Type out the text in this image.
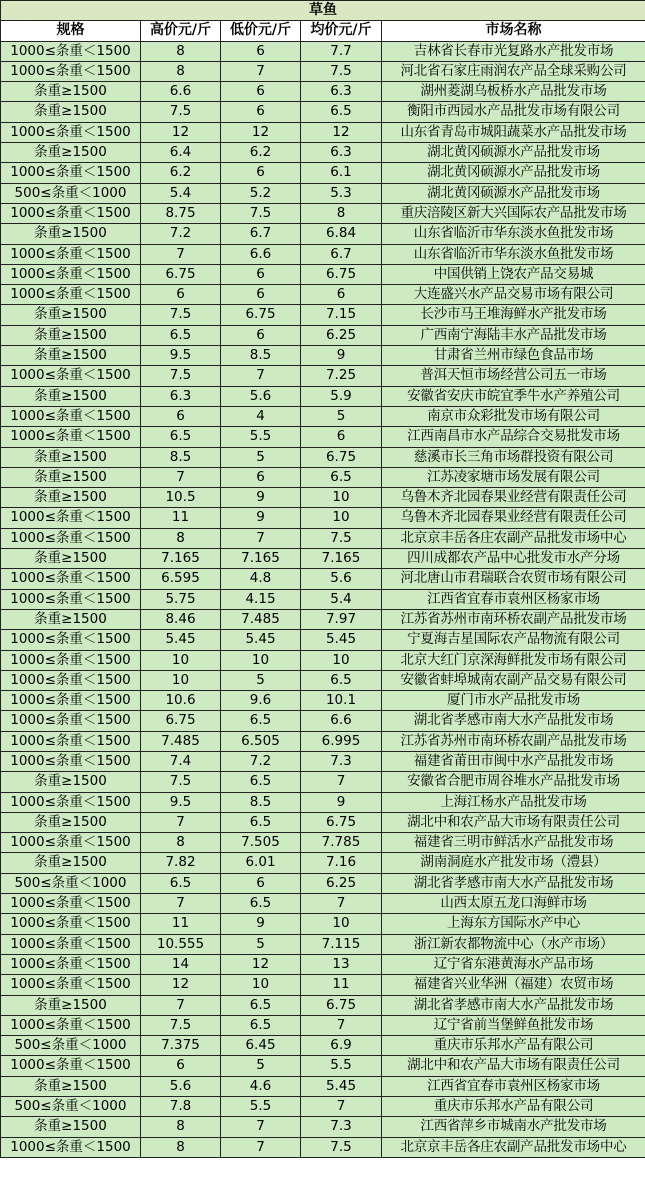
草鱼				
规格	高价元/斤	低价元/斤	均价元/斤	市场名称
1000≤条重＜1500	8	6	7.7	吉林省长春市光复路水产批发市场
1000≤条重＜1500	8	7	7.5	河北省石家庄雨润农产品全球采购公司
条重≥1500	6.6	6	6.3	湖州菱湖乌板桥水产品批发市场
条重≥1500	7.5	6	6.5	衡阳市西园水产品批发市场有限公司
1000≤条重＜1500	12	12	12	山东省青岛市城阳蔬菜水产品批发市场
条重≥1500	6.4	6.2	6.3	湖北黄冈硕源水产品批发市场
1000≤条重＜1500	6.2	6	6.1	湖北黄冈硕源水产品批发市场
500≤条重＜1000	5.4	5.2	5.3	湖北黄冈硕源水产品批发市场
1000≤条重＜1500	8.75	7.5	8	重庆涪陵区新大兴国际农产品批发市场
条重≥1500	7.2	6.7	6.84	山东省临沂市华东淡水鱼批发市场
1000≤条重＜1500	7	6.6	6.7	山东省临沂市华东淡水鱼批发市场
1000≤条重＜1500	6.75	6	6.75	中国供销上饶农产品交易城
1000≤条重＜1500	6	6	6	大连盛兴水产品交易市场有限公司
条重≥1500	7.5	6.75	7.15	长沙市马王堆海鲜水产批发市场
条重≥1500	6.5	6	6.25	广西南宁海陆丰水产品批发市场
条重≥1500	9.5	8.5	9	甘肃省兰州市绿色食品市场
1000≤条重＜1500	7.5	7	7.25	普洱天恒市场经营公司五一市场
条重≥1500	6.3	5.6	5.9	安徽省安庆市皖宜季牛水产养殖公司
1000≤条重＜1500	6	4	5	南京市众彩批发市场有限公司
1000≤条重＜1500	6.5	5.5	6	江西南昌市水产品综合交易批发市场
条重≥1500	8.5	5	6.75	慈溪市长三角市场群投资有限公司
条重≥1500	7	6	6.5	江苏凌家塘市场发展有限公司
条重≥1500	10.5	9	10	乌鲁木齐北园春果业经营有限责任公司
1000≤条重＜1500	11	9	10	乌鲁木齐北园春果业经营有限责任公司
1000≤条重＜1500	8	7	7.5	北京京丰岳各庄农副产品批发市场中心
条重≥1500	7.165	7.165	7.165	四川成都农产品中心批发市水产分场
1000≤条重＜1500	6.595	4.8	5.6	河北唐山市君瑞联合农贸市场有限公司
1000≤条重＜1500	5.75	4.15	5.4	江西省宜春市袁州区杨家市场
条重≥1500	8.46	7.485	7.97	江苏省苏州市南环桥农副产品批发市场
1000≤条重＜1500	5.45	5.45	5.45	宁夏海吉星国际农产品物流有限公司
1000≤条重＜1500	10	10	10	北京大红门京深海鲜批发市场有限公司
1000≤条重＜1500	10	5	6.5	安徽省蚌埠城南农副产品交易有限公司
1000≤条重＜1500	10.6	9.6	10.1	厦门市水产品批发市场
1000≤条重＜1500	6.75	6.5	6.6	湖北省孝感市南大水产品批发市场
1000≤条重＜1500	7.485	6.505	6.995	江苏省苏州市南环桥农副产品批发市场
1000≤条重＜1500	7.4	7.2	7.3	福建省莆田市闽中水产品批发市场
条重≥1500	7.5	6.5	7	安徽省合肥市周谷堆水产品批发市场
1000≤条重＜1500	9.5	8.5	9	上海江杨水产品批发市场
条重≥1500	7	6.5	6.75	湖北中和农产品大市场有限责任公司
1000≤条重＜1500	8	7.505	7.785	福建省三明市鲜活水产品批发市场
条重≥1500	7.82	6.01	7.16	湖南洞庭水产批发市场（澧县）
500≤条重＜1000	6.5	6	6.25	湖北省孝感市南大水产品批发市场
1000≤条重＜1500	7	6.5	7	山西太原五龙口海鲜市场
1000≤条重＜1500	11	9	10	上海东方国际水产中心
1000≤条重＜1500	10.555	5	7.115	浙江新农都物流中心（水产市场）
1000≤条重＜1500	14	12	13	辽宁省东港黄海水产品市场
1000≤条重＜1500	12	10	11	福建省兴业华洲（福建）农贸市场
条重≥1500	7	6.5	6.75	湖北省孝感市南大水产品批发市场
1000≤条重＜1500	7.5	6.5	7	辽宁省前当堡鲜鱼批发市场
500≤条重＜1000	7.375	6.45	6.9	重庆市乐邦水产品有限公司
1000≤条重＜1500	6	5	5.5	湖北中和农产品大市场有限责任公司
条重≥1500	5.6	4.6	5.45	江西省宜春市袁州区杨家市场
500≤条重＜1000	7.8	5.5	7	重庆市乐邦水产品有限公司
条重≥1500	8	7	7.3	江西省萍乡市城南水产批发市场
1000≤条重＜1500	8	7	7.5	北京京丰岳各庄农副产品批发市场中心
